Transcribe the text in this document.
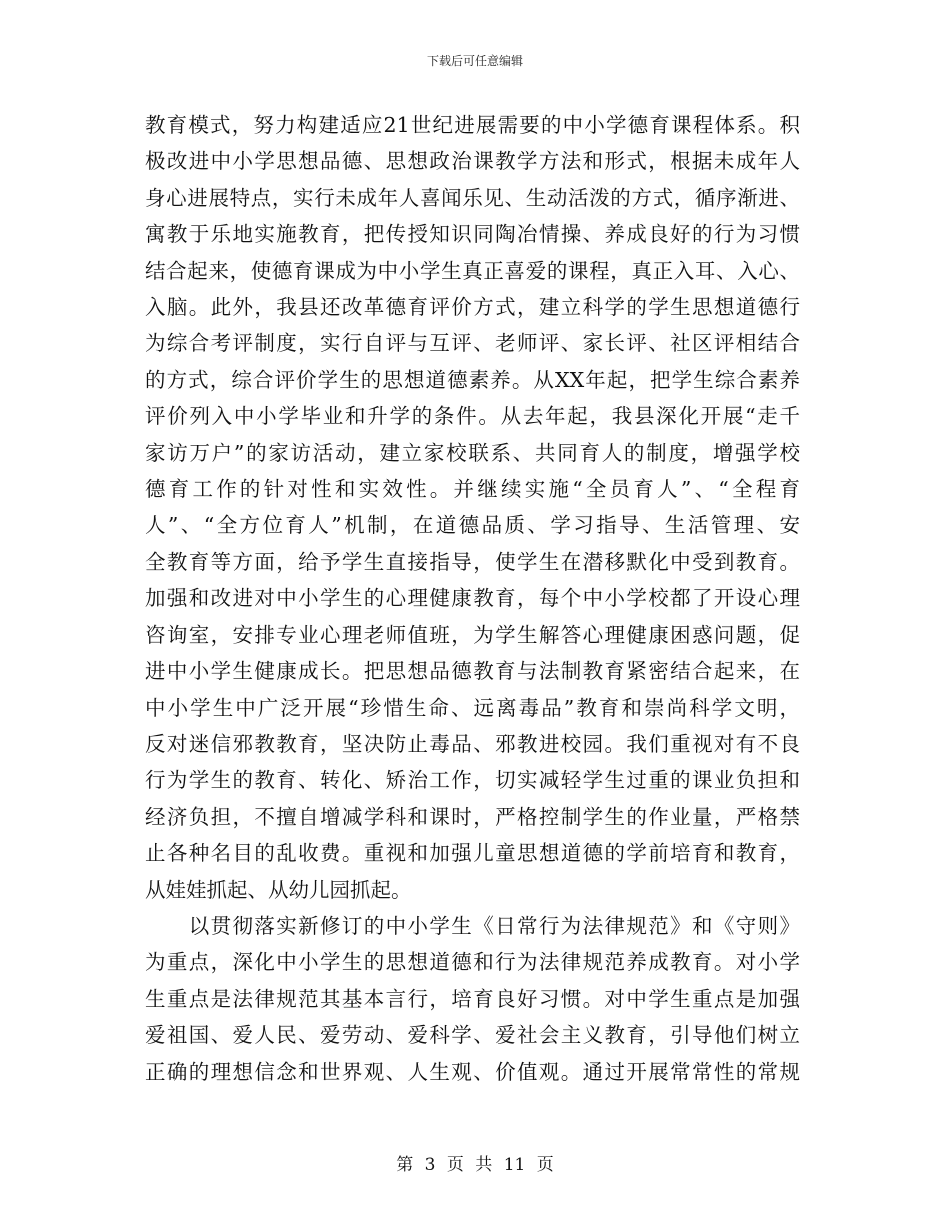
下载后可任意编辑

教育模式，努力构建适应21世纪进展需要的中小学德育课程体系。积
极改进中小学思想品德、思想政治课教学方法和形式，根据未成年人
身心进展特点，实行未成年人喜闻乐见、生动活泼的方式，循序渐进、
寓教于乐地实施教育，把传授知识同陶冶情操、养成良好的行为习惯
结合起来，使德育课成为中小学生真正喜爱的课程，真正入耳、入心、
入脑。此外，我县还改革德育评价方式，建立科学的学生思想道德行
为综合考评制度，实行自评与互评、老师评、家长评、社区评相结合
的方式，综合评价学生的思想道德素养。从XX年起，把学生综合素养
评价列入中小学毕业和升学的条件。从去年起，我县深化开展“走千
家访万户”的家访活动，建立家校联系、共同育人的制度，增强学校
德育工作的针对性和实效性。并继续实施“全员育人”、“全程育
人”、“全方位育人”机制，在道德品质、学习指导、生活管理、安
全教育等方面，给予学生直接指导，使学生在潜移默化中受到教育。
加强和改进对中小学生的心理健康教育，每个中小学校都了开设心理
咨询室，安排专业心理老师值班，为学生解答心理健康困惑问题，促
进中小学生健康成长。把思想品德教育与法制教育紧密结合起来，在
中小学生中广泛开展“珍惜生命、远离毒品”教育和崇尚科学文明，
反对迷信邪教教育，坚决防止毒品、邪教进校园。我们重视对有不良
行为学生的教育、转化、矫治工作，切实减轻学生过重的课业负担和
经济负担，不擅自增减学科和课时，严格控制学生的作业量，严格禁
止各种名目的乱收费。重视和加强儿童思想道德的学前培育和教育，
从娃娃抓起、从幼儿园抓起。

　　以贯彻落实新修订的中小学生《日常行为法律规范》和《守则》
为重点，深化中小学生的思想道德和行为法律规范养成教育。对小学
生重点是法律规范其基本言行，培育良好习惯。对中学生重点是加强
爱祖国、爱人民、爱劳动、爱科学、爱社会主义教育，引导他们树立
正确的理想信念和世界观、人生观、价值观。通过开展常常性的常规

第 3 页 共 11 页
